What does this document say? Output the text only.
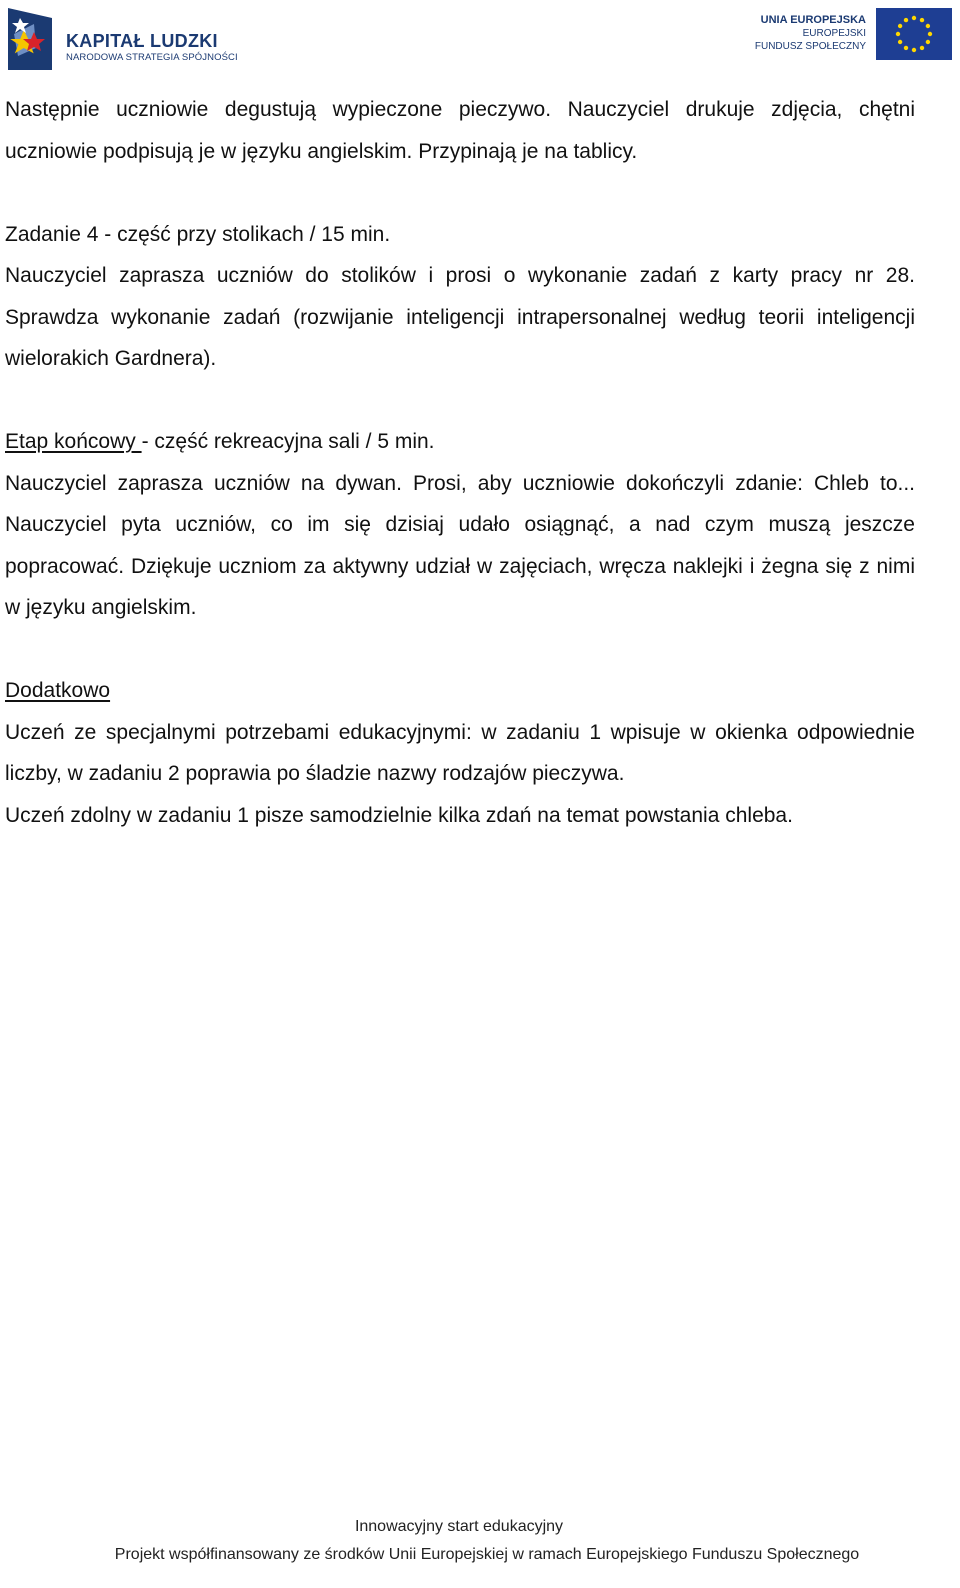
KAPITAŁ LUDZKI
NARODOWA STRATEGIA SPÓJNOŚCI
UNIA EUROPEJSKA
EUROPEJSKI
FUNDUSZ SPOŁECZNY

Następnie uczniowie degustują wypieczone pieczywo. Nauczyciel drukuje zdjęcia, chętni uczniowie podpisują je w języku angielskim. Przypinają je na tablicy.

Zadanie 4 - część przy stolikach / 15 min.

Nauczyciel zaprasza uczniów do stolików i prosi o wykonanie zadań z karty pracy nr 28. Sprawdza wykonanie zadań (rozwijanie inteligencji intrapersonalnej według teorii inteligencji wielorakich Gardnera).

Etap końcowy - część rekreacyjna sali / 5 min.

Nauczyciel zaprasza uczniów na dywan. Prosi, aby uczniowie dokończyli zdanie: Chleb to... Nauczyciel pyta uczniów, co im się dzisiaj udało osiągnąć, a nad czym muszą jeszcze popracować. Dziękuje uczniom za aktywny udział w zajęciach, wręcza naklejki i żegna się z nimi w języku angielskim.

Dodatkowo

Uczeń ze specjalnymi potrzebami edukacyjnymi: w zadaniu 1 wpisuje w okienka odpowiednie liczby, w zadaniu 2 poprawia po śladzie nazwy rodzajów pieczywa.

Uczeń zdolny w zadaniu 1 pisze samodzielnie kilka zdań na temat powstania chleba.

Innowacyjny start edukacyjny
Projekt współfinansowany ze środków Unii Europejskiej w ramach Europejskiego Funduszu Społecznego
